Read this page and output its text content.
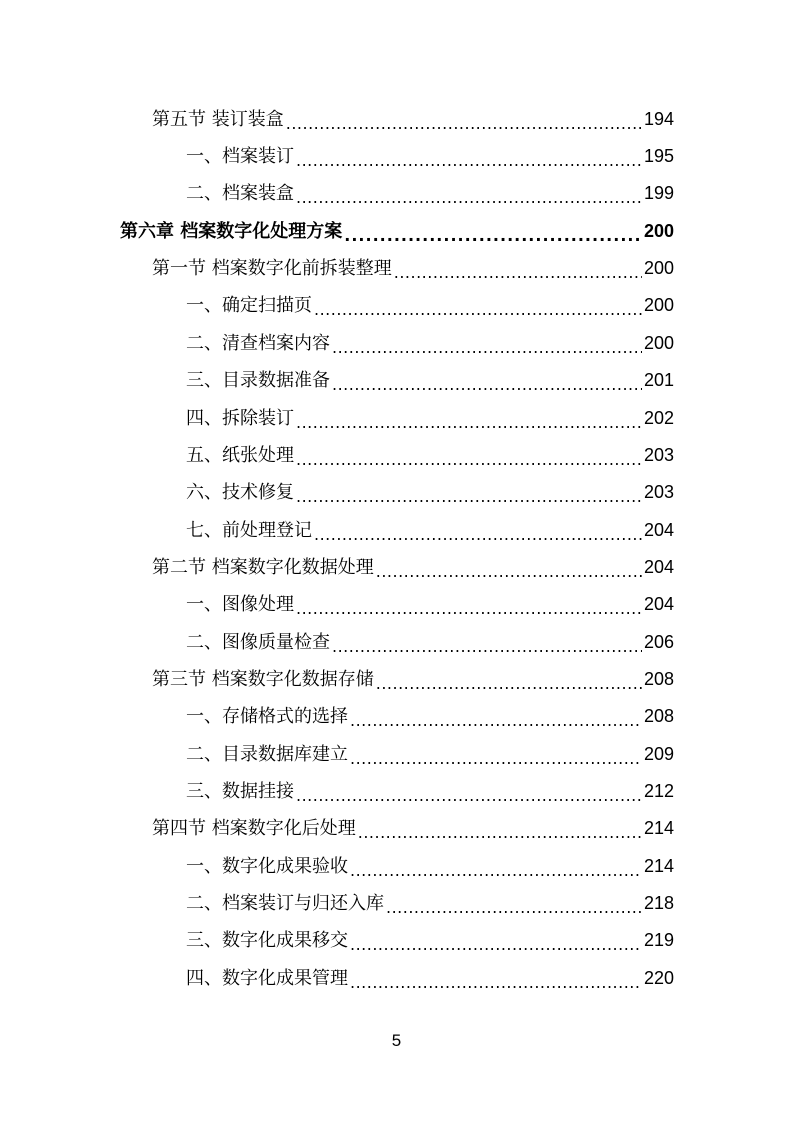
第五节 装订装盒 .....	194
一、档案装订 .....	195
二、档案装盒 .....	199
第六章 档案数字化处理方案 .....	200
第一节 档案数字化前拆装整理 .....	200
一、确定扫描页 .....	200
二、清查档案内容 .....	200
三、目录数据准备 .....	201
四、拆除装订 .....	202
五、纸张处理 .....	203
六、技术修复 .....	203
七、前处理登记 .....	204
第二节 档案数字化数据处理 .....	204
一、图像处理 .....	204
二、图像质量检查 .....	206
第三节 档案数字化数据存储 .....	208
一、存储格式的选择 .....	208
二、目录数据库建立 .....	209
三、数据挂接 .....	212
第四节 档案数字化后处理 .....	214
一、数字化成果验收 .....	214
二、档案装订与归还入库 .....	218
三、数字化成果移交 .....	219
四、数字化成果管理 .....	220
5
